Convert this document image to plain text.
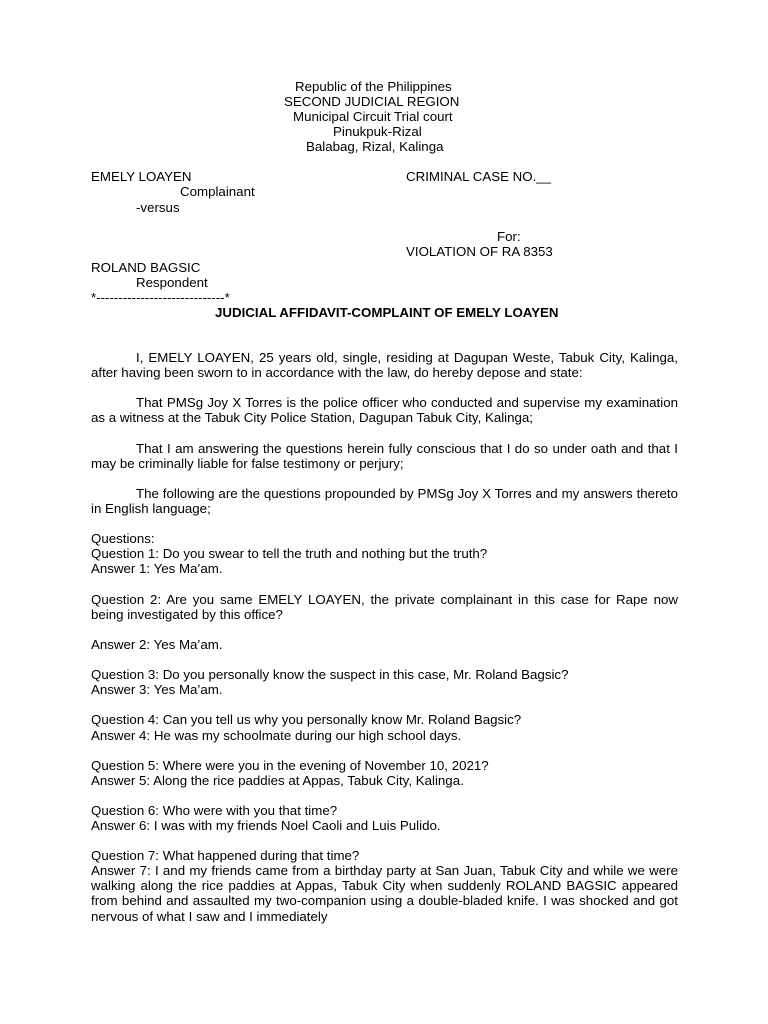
Republic of the Philippines
SECOND JUDICIAL REGION
Municipal Circuit Trial court
Pinukpuk-Rizal
Balabag, Rizal, Kalinga
EMELY LOAYEN	CRIMINAL CASE NO.__
Complainant
-versus
For:
VIOLATION OF RA 8353
ROLAND BAGSIC
Respondent
*-----------------------------*
JUDICIAL AFFIDAVIT-COMPLAINT OF EMELY LOAYEN
I, EMELY LOAYEN, 25 years old, single, residing at Dagupan Weste, Tabuk City, Kalinga, after having been sworn to in accordance with the law, do hereby depose and state:
That PMSg Joy X Torres is the police officer who conducted and supervise my examination as a witness at the Tabuk City Police Station, Dagupan Tabuk City, Kalinga;
That I am answering the questions herein fully conscious that I do so under oath and that I may be criminally liable for false testimony or perjury;
The following are the questions propounded by PMSg Joy X Torres and my answers thereto in English language;
Questions:
Question 1: Do you swear to tell the truth and nothing but the truth?
Answer 1: Yes Ma’am.
Question 2: Are you same EMELY LOAYEN, the private complainant in this case for Rape now being investigated by this office?
Answer 2: Yes Ma’am.
Question 3: Do you personally know the suspect in this case, Mr. Roland Bagsic?
Answer 3: Yes Ma’am.
Question 4: Can you tell us why you personally know Mr. Roland Bagsic?
Answer 4: He was my schoolmate during our high school days.
Question 5: Where were you in the evening of November 10, 2021?
Answer 5: Along the rice paddies at Appas, Tabuk City, Kalinga.
Question 6: Who were with you that time?
Answer 6: I was with my friends Noel Caoli and Luis Pulido.
Question 7: What happened during that time?
Answer 7: I and my friends came from a birthday party at San Juan, Tabuk City and while we were walking along the rice paddies at Appas, Tabuk City when suddenly ROLAND BAGSIC appeared from behind and assaulted my two-companion using a double-bladed knife. I was shocked and got nervous of what I saw and I immediately
